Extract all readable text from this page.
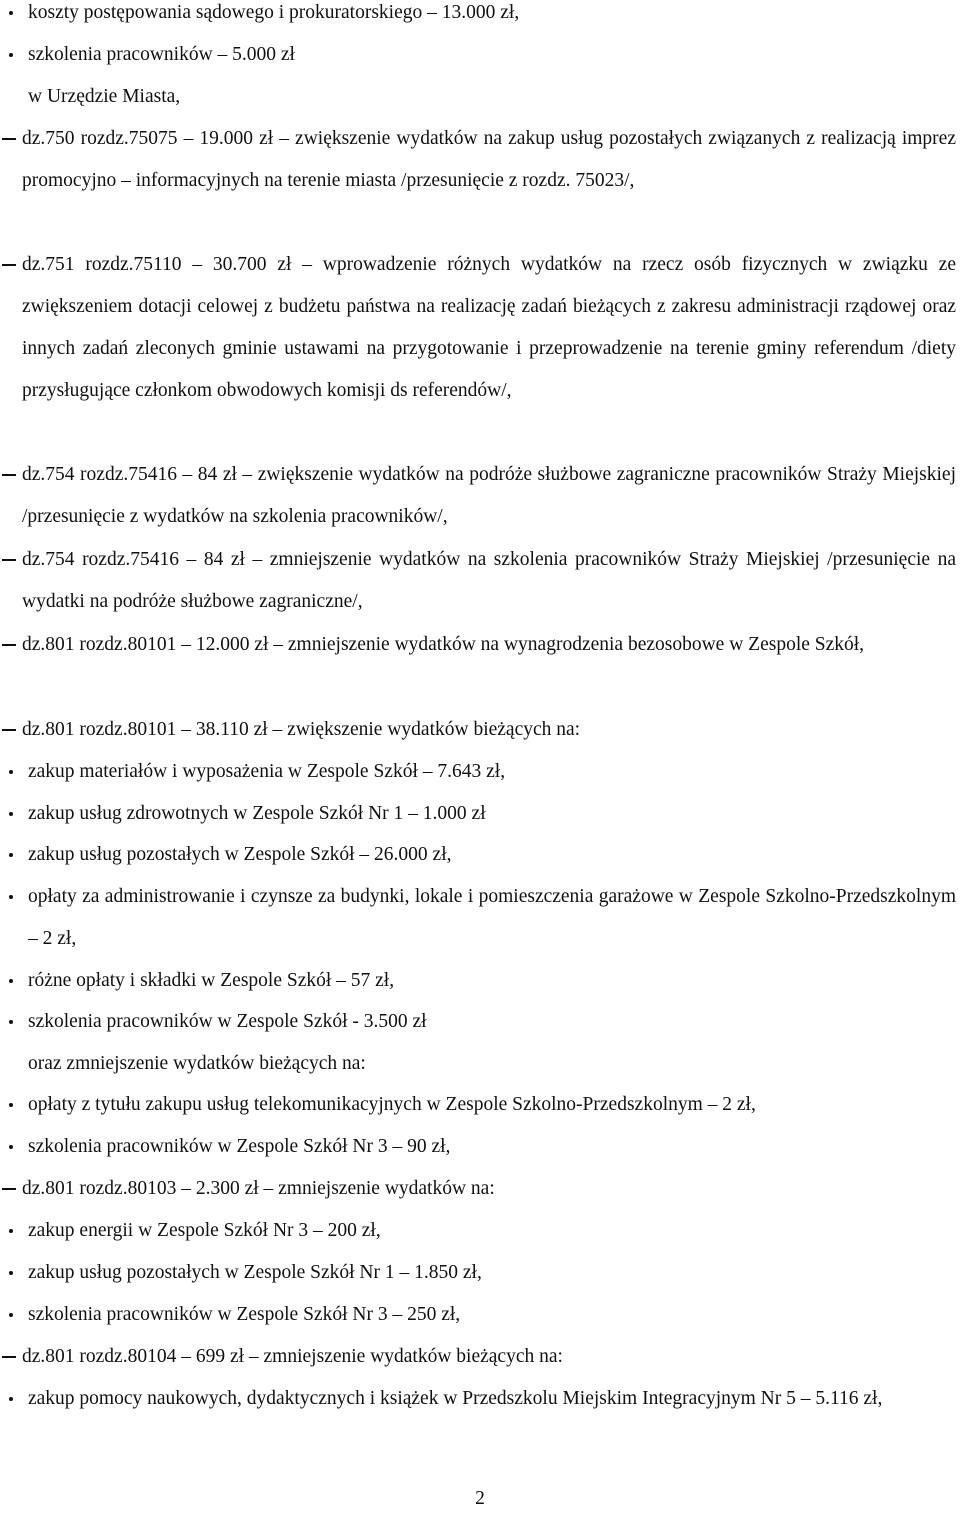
koszty postępowania sądowego i prokuratorskiego – 13.000 zł,
szkolenia pracowników – 5.000 zł
w Urzędzie Miasta,
dz.750 rozdz.75075 – 19.000 zł – zwiększenie wydatków na zakup usług pozostałych związanych z realizacją imprez promocyjno – informacyjnych na terenie miasta /przesunięcie z rozdz. 75023/,
dz.751 rozdz.75110 – 30.700 zł – wprowadzenie różnych wydatków na rzecz osób fizycznych w związku ze zwiększeniem dotacji celowej z budżetu państwa na realizację zadań bieżących z zakresu administracji rządowej oraz innych zadań zleconych gminie ustawami na przygotowanie i przeprowadzenie na terenie gminy referendum /diety przysługujące członkom obwodowych komisji ds referendów/,
dz.754 rozdz.75416 – 84 zł – zwiększenie wydatków na podróże służbowe zagraniczne pracowników Straży Miejskiej /przesunięcie z wydatków na szkolenia pracowników/,
dz.754 rozdz.75416 – 84 zł – zmniejszenie wydatków na szkolenia pracowników Straży Miejskiej /przesunięcie na wydatki na podróże służbowe zagraniczne/,
dz.801 rozdz.80101 – 12.000 zł – zmniejszenie wydatków na wynagrodzenia bezosobowe w Zespole Szkół,
dz.801 rozdz.80101 – 38.110 zł – zwiększenie wydatków bieżących na:
zakup materiałów i wyposażenia w Zespole Szkół – 7.643 zł,
zakup usług zdrowotnych w Zespole Szkół Nr 1 – 1.000 zł
zakup usług pozostałych w Zespole Szkół – 26.000 zł,
opłaty za administrowanie i czynsze za budynki, lokale i pomieszczenia garażowe w Zespole Szkolno-Przedszkolnym – 2 zł,
różne opłaty i składki w Zespole Szkół – 57 zł,
szkolenia pracowników w Zespole Szkół - 3.500 zł
oraz zmniejszenie wydatków bieżących na:
opłaty z tytułu zakupu usług telekomunikacyjnych w Zespole Szkolno-Przedszkolnym – 2 zł,
szkolenia pracowników w Zespole Szkół Nr 3 – 90 zł,
dz.801 rozdz.80103 – 2.300 zł – zmniejszenie wydatków na:
zakup energii w Zespole Szkół Nr 3 – 200 zł,
zakup usług pozostałych w Zespole Szkół Nr 1 – 1.850 zł,
szkolenia pracowników w Zespole Szkół Nr 3 – 250 zł,
dz.801 rozdz.80104 – 699 zł – zmniejszenie wydatków bieżących na:
zakup pomocy naukowych, dydaktycznych i książek w Przedszkolu Miejskim Integracyjnym Nr 5 – 5.116 zł,
2
